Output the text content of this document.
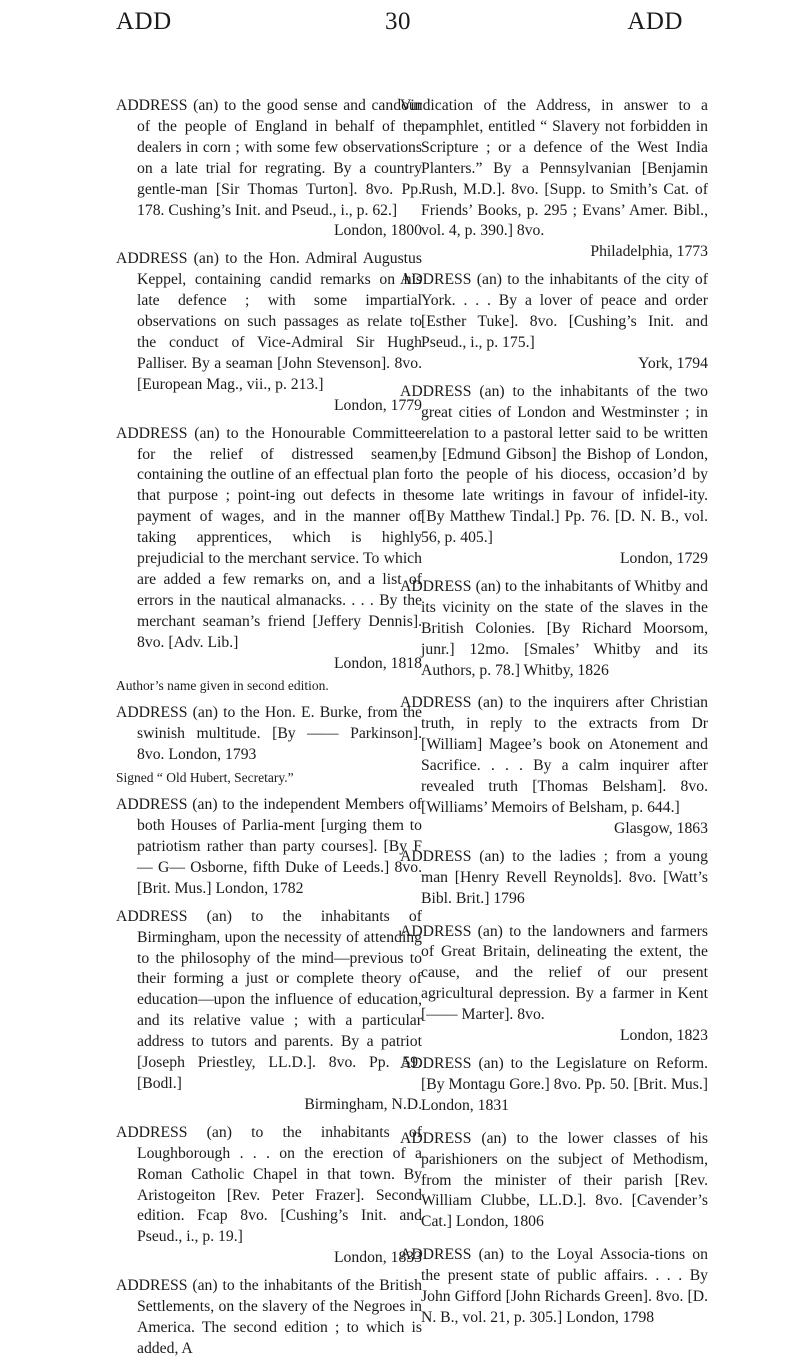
ADD	30	ADD

ADDRESS (an) to the good sense and candour of the people of England in behalf of the dealers in corn ; with some few observations on a late trial for regrating. By a country gentle-man [Sir Thomas Turton]. 8vo. Pp. 178. Cushing’s Init. and Pseud., i., p. 62.]
London, 1800

ADDRESS (an) to the Hon. Admiral Augustus Keppel, containing candid remarks on his late defence ; with some impartial observations on such passages as relate to the conduct of Vice-Admiral Sir Hugh Palliser. By a seaman [John Stevenson]. 8vo. [European Mag., vii., p. 213.]
London, 1779

ADDRESS (an) to the Honourable Committee for the relief of distressed seamen, containing the outline of an effectual plan for that purpose ; point-ing out defects in the payment of wages, and in the manner of taking apprentices, which is highly prejudicial to the merchant service. To which are added a few remarks on, and a list of errors in the nautical almanacks. . . . By the merchant seaman’s friend [Jeffery Dennis]. 8vo. [Adv. Lib.]
London, 1818

Author’s name given in second edition.

ADDRESS (an) to the Hon. E. Burke, from the swinish multitude. [By —— Parkinson]. 8vo. London, 1793

Signed “ Old Hubert, Secretary.”

ADDRESS (an) to the independent Members of both Houses of Parlia-ment [urging them to patriotism rather than party courses]. [By F— G— Osborne, fifth Duke of Leeds.] 8vo. [Brit. Mus.] London, 1782

ADDRESS (an) to the inhabitants of Birmingham, upon the necessity of attending to the philosophy of the mind—previous to their forming a just or complete theory of education—upon the influence of education, and its relative value ; with a particular address to tutors and parents. By a patriot [Joseph Priestley, LL.D.]. 8vo. Pp. 59. [Bodl.]
Birmingham, N.D.

ADDRESS (an) to the inhabitants of Loughborough . . . on the erection of a Roman Catholic Chapel in that town. By Aristogeiton [Rev. Peter Frazer]. Second edition. Fcap 8vo. [Cushing’s Init. and Pseud., i., p. 19.]
London, 1833

ADDRESS (an) to the inhabitants of the British Settlements, on the slavery of the Negroes in America. The second edition ; to which is added, A

Vindication of the Address, in answer to a pamphlet, entitled “ Slavery not forbidden in Scripture ; or a defence of the West India Planters.” By a Pennsylvanian [Benjamin Rush, M.D.]. 8vo. [Supp. to Smith’s Cat. of Friends’ Books, p. 295 ; Evans’ Amer. Bibl., vol. 4, p. 390.] 8vo.
Philadelphia, 1773

ADDRESS (an) to the inhabitants of the city of York. . . . By a lover of peace and order [Esther Tuke]. 8vo. [Cushing’s Init. and Pseud., i., p. 175.]
York, 1794

ADDRESS (an) to the inhabitants of the two great cities of London and Westminster ; in relation to a pastoral letter said to be written by [Edmund Gibson] the Bishop of London, to the people of his diocess, occasion’d by some late writings in favour of infidel-ity. [By Matthew Tindal.] Pp. 76. [D. N. B., vol. 56, p. 405.]
London, 1729

ADDRESS (an) to the inhabitants of Whitby and its vicinity on the state of the slaves in the British Colonies. [By Richard Moorsom, junr.] 12mo. [Smales’ Whitby and its Authors, p. 78.] Whitby, 1826

ADDRESS (an) to the inquirers after Christian truth, in reply to the extracts from Dr [William] Magee’s book on Atonement and Sacrifice. . . . By a calm inquirer after revealed truth [Thomas Belsham]. 8vo. [Williams’ Memoirs of Belsham, p. 644.]
Glasgow, 1863

ADDRESS (an) to the ladies ; from a young man [Henry Revell Reynolds]. 8vo. [Watt’s Bibl. Brit.] 1796

ADDRESS (an) to the landowners and farmers of Great Britain, delineating the extent, the cause, and the relief of our present agricultural depression. By a farmer in Kent [—— Marter]. 8vo.
London, 1823

ADDRESS (an) to the Legislature on Reform. [By Montagu Gore.] 8vo. Pp. 50. [Brit. Mus.] London, 1831

ADDRESS (an) to the lower classes of his parishioners on the subject of Methodism, from the minister of their parish [Rev. William Clubbe, LL.D.]. 8vo. [Cavender’s Cat.] London, 1806

ADDRESS (an) to the Loyal Associa-tions on the present state of public affairs. . . . By John Gifford [John Richards Green]. 8vo. [D. N. B., vol. 21, p. 305.] London, 1798
